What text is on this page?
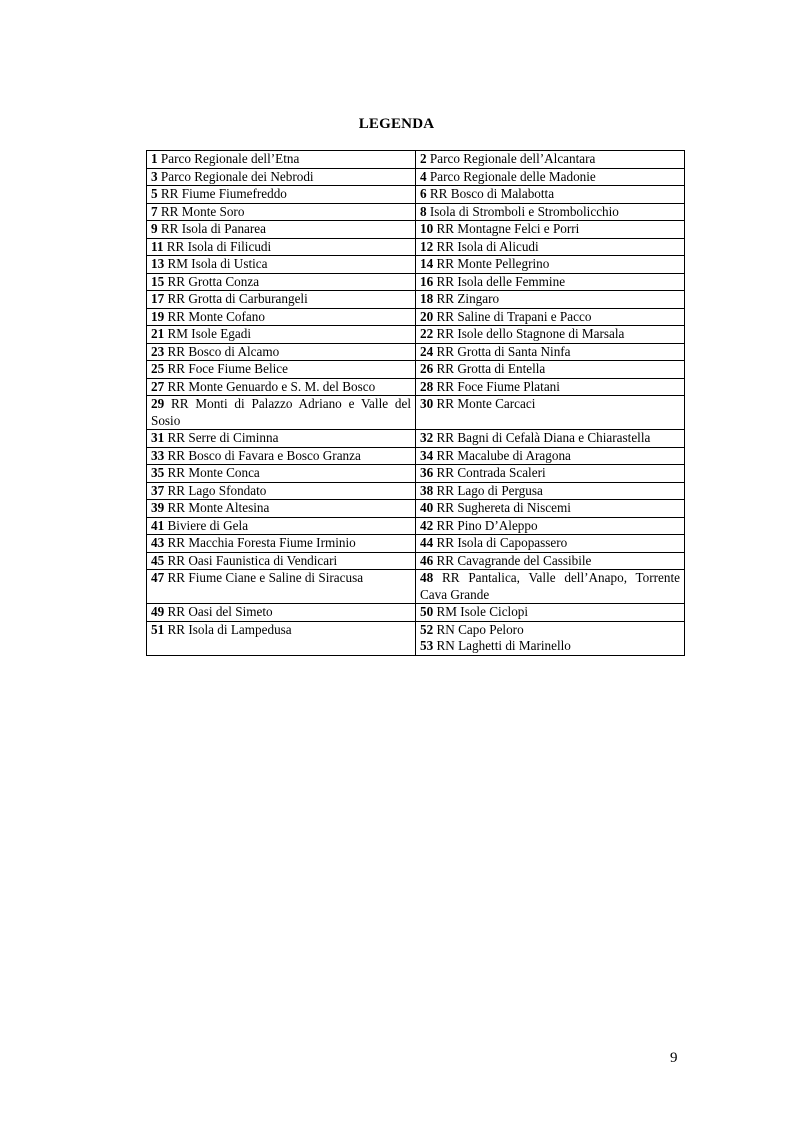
LEGENDA
1 Parco Regionale dell’Etna	2 Parco Regionale dell’Alcantara
3 Parco Regionale dei Nebrodi	4 Parco Regionale delle Madonie
5 RR Fiume Fiumefreddo	6 RR Bosco di Malabotta
7 RR Monte Soro	8 Isola di Stromboli e Strombolicchio
9 RR Isola di Panarea	10 RR Montagne Felci e Porri
11 RR Isola di Filicudi	12 RR Isola di Alicudi
13 RM Isola di Ustica	14 RR Monte Pellegrino
15 RR Grotta Conza	16 RR Isola delle Femmine
17 RR Grotta di Carburangeli	18 RR Zingaro
19 RR Monte Cofano	20 RR Saline di Trapani e Pacco
21 RM Isole Egadi	22 RR Isole dello Stagnone di Marsala
23 RR Bosco di Alcamo	24 RR Grotta di Santa Ninfa
25 RR Foce Fiume Belice	26 RR Grotta di Entella
27 RR Monte Genuardo e S. M. del Bosco	28 RR Foce Fiume Platani
29 RR Monti di Palazzo Adriano e Valle del Sosio	30 RR Monte Carcaci
31 RR Serre di Ciminna	32 RR Bagni di Cefalà Diana e Chiarastella
33 RR Bosco di Favara e Bosco Granza	34 RR Macalube di Aragona
35 RR Monte Conca	36 RR Contrada Scaleri
37 RR Lago Sfondato	38 RR Lago di Pergusa
39 RR Monte Altesina	40 RR Sughereta di Niscemi
41 Biviere di Gela	42 RR Pino D’Aleppo
43 RR Macchia Foresta Fiume Irminio	44 RR Isola di Capopassero
45 RR Oasi Faunistica di Vendicari	46 RR Cavagrande del Cassibile
47 RR Fiume Ciane e Saline di Siracusa	48 RR Pantalica, Valle dell’Anapo, Torrente Cava Grande
49 RR Oasi del Simeto	50 RM Isole Ciclopi
51 RR Isola di Lampedusa	52 RN Capo Peloro
53 RN Laghetti di Marinello
9
